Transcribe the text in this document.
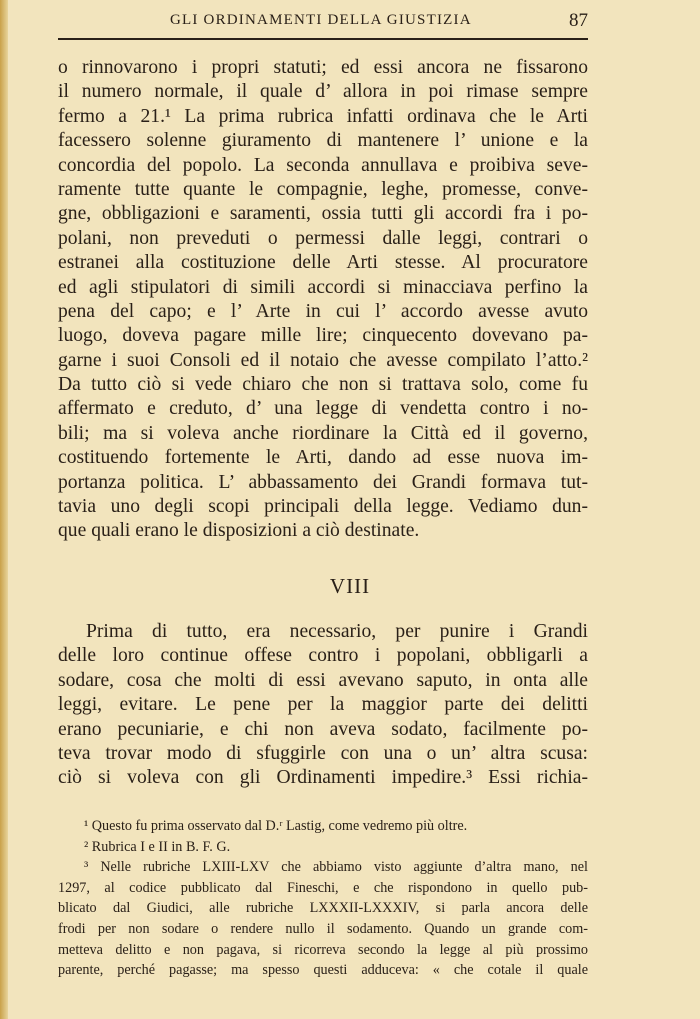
GLI ORDINAMENTI DELLA GIUSTIZIA	87
o rinnovarono i propri statuti; ed essi ancora ne fissarono
il numero normale, il quale d’ allora in poi rimase sempre
fermo a 21.¹ La prima rubrica infatti ordinava che le Arti
facessero solenne giuramento di mantenere l’ unione e la
concordia del popolo. La seconda annullava e proibiva seve-
ramente tutte quante le compagnie, leghe, promesse, conve-
gne, obbligazioni e saramenti, ossia tutti gli accordi fra i po-
polani, non preveduti o permessi dalle leggi, contrari o
estranei alla costituzione delle Arti stesse. Al procuratore
ed agli stipulatori di simili accordi si minacciava perfino la
pena del capo; e l’ Arte in cui l’ accordo avesse avuto
luogo, doveva pagare mille lire; cinquecento dovevano pa-
garne i suoi Consoli ed il notaio che avesse compilato l’atto.²
Da tutto ciò si vede chiaro che non si trattava solo, come fu
affermato e creduto, d’ una legge di vendetta contro i no-
bili; ma si voleva anche riordinare la Città ed il governo,
costituendo fortemente le Arti, dando ad esse nuova im-
portanza politica. L’ abbassamento dei Grandi formava tut-
tavia uno degli scopi principali della legge. Vediamo dun-
que quali erano le disposizioni a ciò destinate.
VIII
Prima di tutto, era necessario, per punire i Grandi
delle loro continue offese contro i popolani, obbligarli a
sodare, cosa che molti di essi avevano saputo, in onta alle
leggi, evitare. Le pene per la maggior parte dei delitti
erano pecuniarie, e chi non aveva sodato, facilmente po-
teva trovar modo di sfuggirle con una o un’ altra scusa:
ciò si voleva con gli Ordinamenti impedire.³ Essi richia-
¹ Questo fu prima osservato dal D.ʳ Lastig, come vedremo più oltre.
² Rubrica I e II in B. F. G.
³ Nelle rubriche LXIII-LXV che abbiamo visto aggiunte d’altra mano, nel
1297, al codice pubblicato dal Fineschi, e che rispondono in quello pub-
blicato dal Giudici, alle rubriche LXXXII-LXXXIV, si parla ancora delle
frodi per non sodare o rendere nullo il sodamento. Quando un grande com-
metteva delitto e non pagava, si ricorreva secondo la legge al più prossimo
parente, perché pagasse; ma spesso questi adduceva: « che cotale il quale
